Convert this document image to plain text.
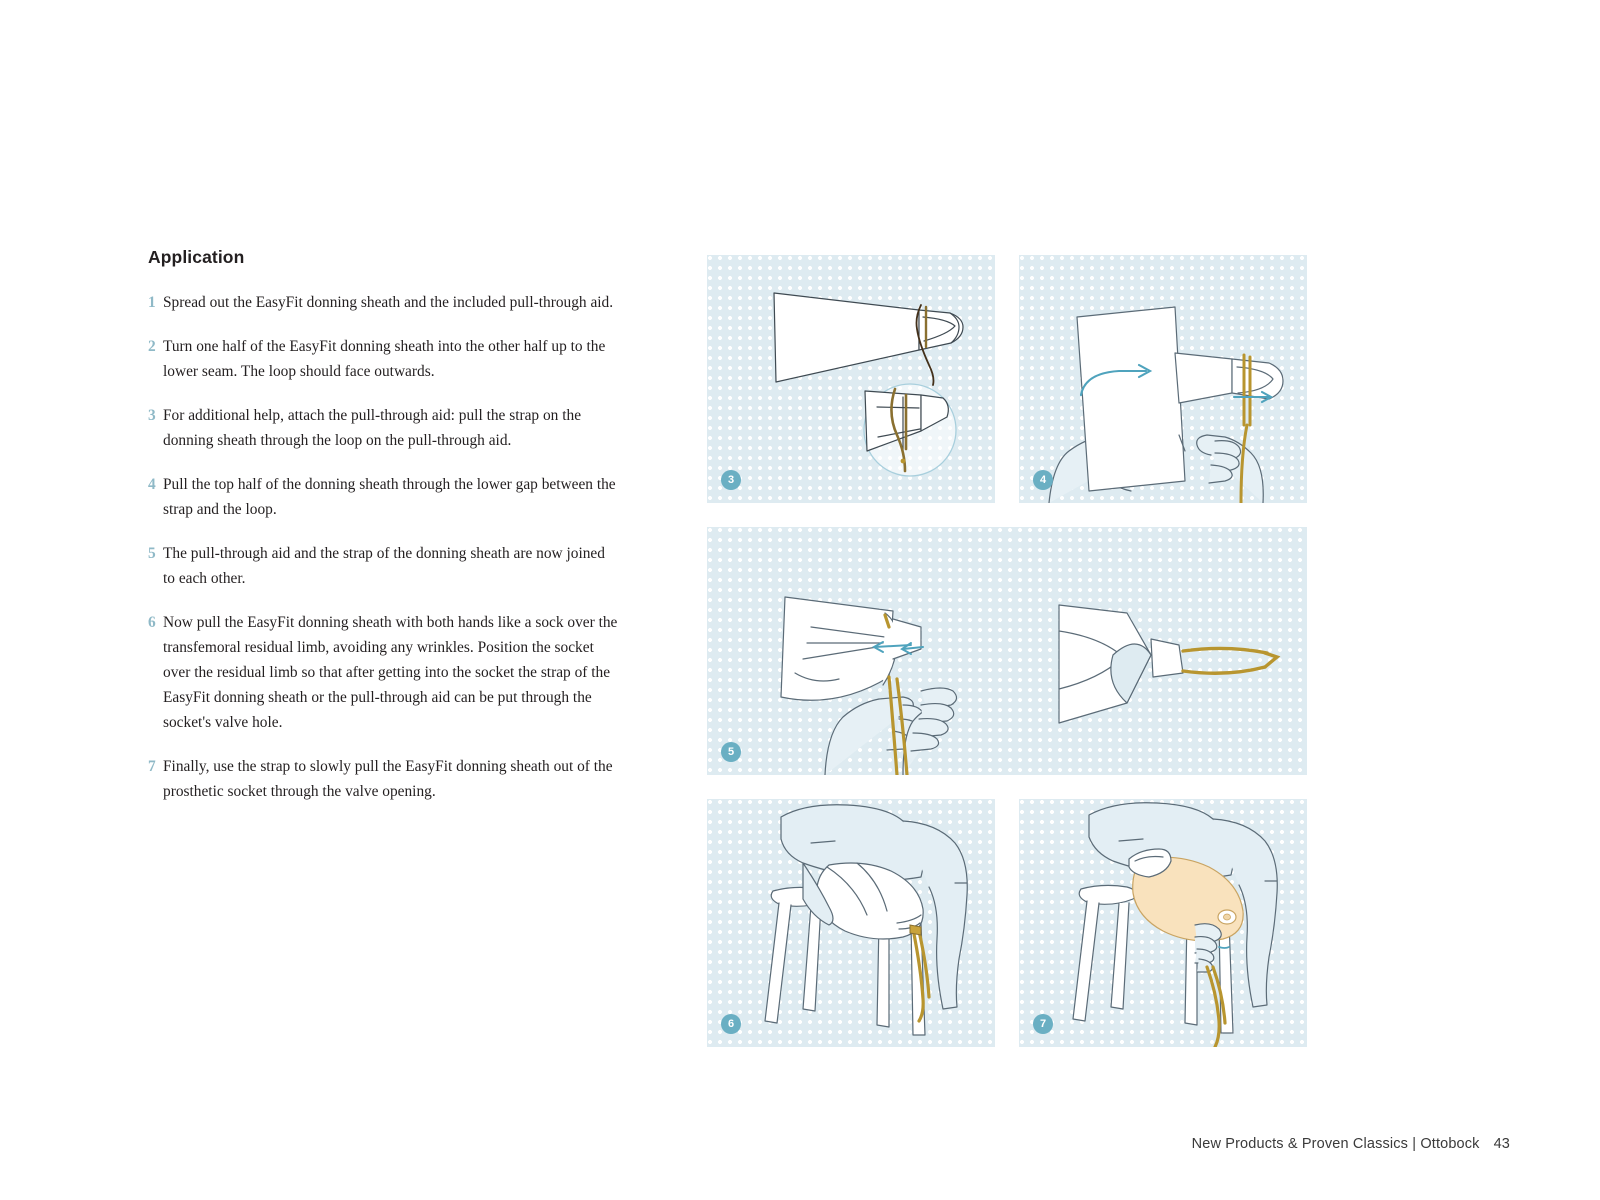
Application
1 Spread out the EasyFit donning sheath and the included pull-through aid.
2 Turn one half of the EasyFit donning sheath into the other half up to the lower seam. The loop should face outwards.
3 For additional help, attach the pull-through aid: pull the strap on the donning sheath through the loop on the pull-through aid.
4 Pull the top half of the donning sheath through the lower gap between the strap and the loop.
5 The pull-through aid and the strap of the donning sheath are now joined to each other.
6 Now pull the EasyFit donning sheath with both hands like a sock over the transfemoral residual limb, avoiding any wrinkles. Position the socket over the residual limb so that after getting into the socket the strap of the EasyFit donning sheath or the pull-through aid can be put through the socket's valve hole.
7 Finally, use the strap to slowly pull the EasyFit donning sheath out of the prosthetic socket through the valve opening.
3	4
5
6	7
New Products & Proven Classics | Ottobock 43
